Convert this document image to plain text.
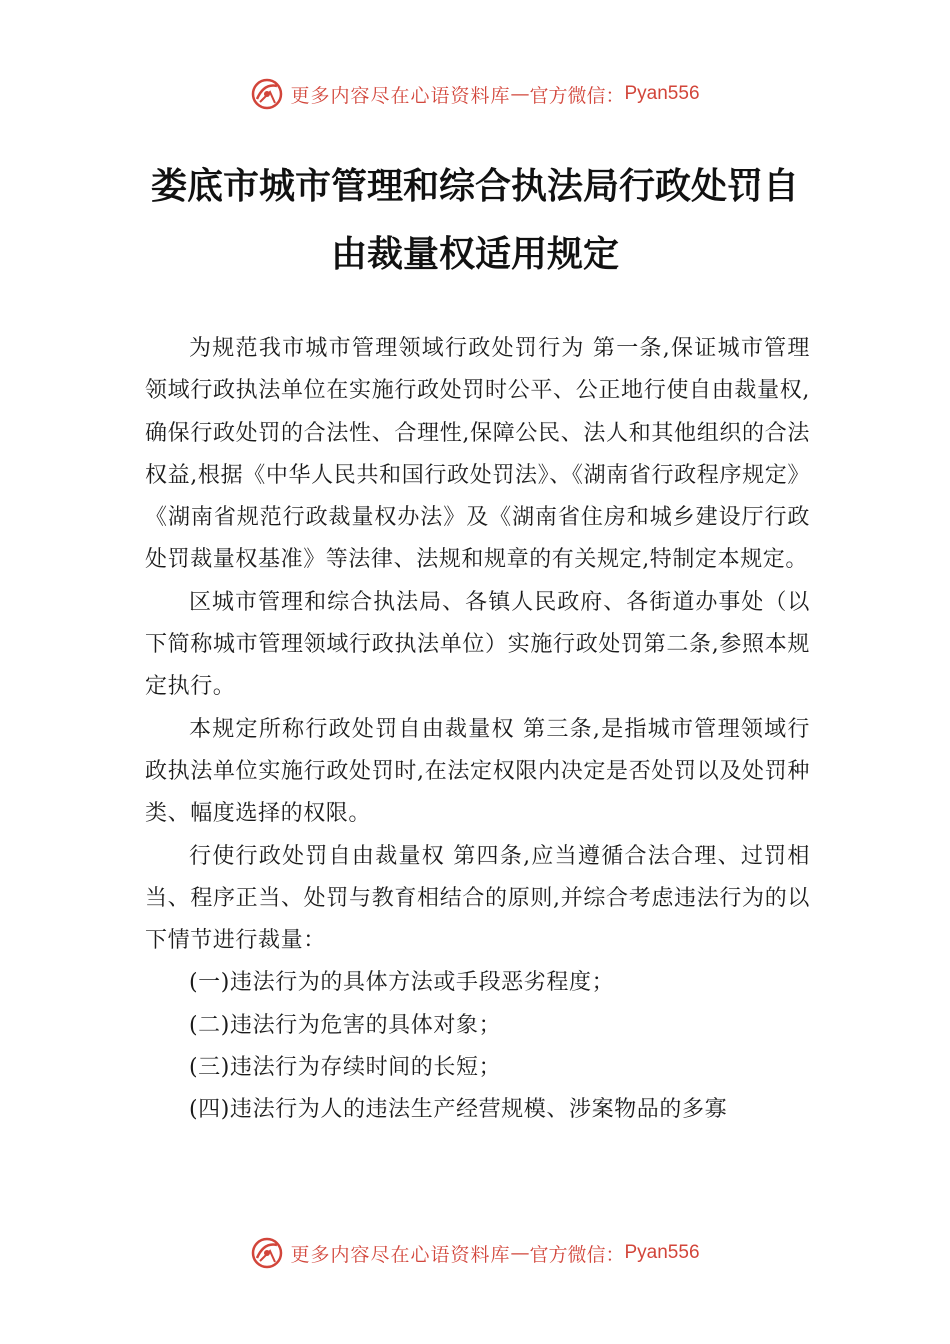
更多内容尽在心语资料库 — 官方微信： Pyan556
娄底市城市管理和综合执法局行政处罚自
由裁量权适用规定

为规范我市城市管理领域行政处罚行为 第一条,保证城市管理领域行政执法单位在实施行政处罚时公平、公正地行使自由裁量权,确保行政处罚的合法性、合理性,保障公民、法人和其他组织的合法权益,根据《中华人民共和国行政处罚法》、《湖南省行政程序规定》《湖南省规范行政裁量权办法》及《湖南省住房和城乡建设厅行政处罚裁量权基准》等法律、法规和规章的有关规定,特制定本规定。

区城市管理和综合执法局、各镇人民政府、各街道办事处（以下简称城市管理领域行政执法单位）实施行政处罚第二条,参照本规定执行。

本规定所称行政处罚自由裁量权 第三条,是指城市管理领域行政执法单位实施行政处罚时,在法定权限内决定是否处罚以及处罚种类、幅度选择的权限。

行使行政处罚自由裁量权 第四条,应当遵循合法合理、过罚相当、程序正当、处罚与教育相结合的原则,并综合考虑违法行为的以下情节进行裁量：

(一)违法行为的具体方法或手段恶劣程度；

(二)违法行为危害的具体对象；

(三)违法行为存续时间的长短；

(四)违法行为人的违法生产经营规模、涉案物品的多寡

更多内容尽在心语资料库 — 官方微信： Pyan556
